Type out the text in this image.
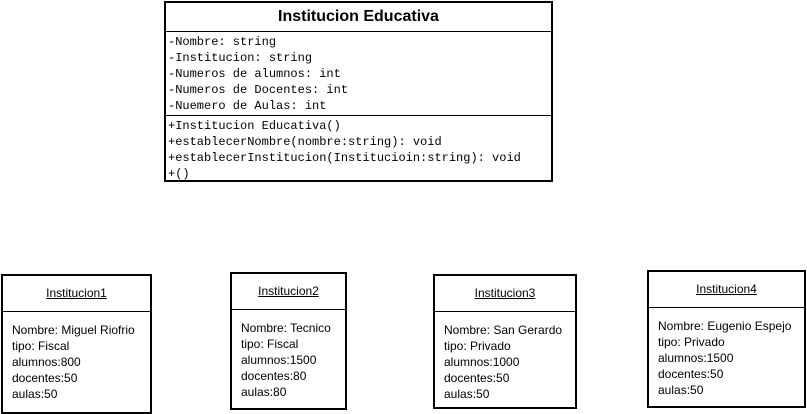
Institucion Educativa
-Nombre: string
-Institucion: string
-Numeros de alumnos: int
-Numeros de Docentes: int
-Nuemero de Aulas: int
+Institucion Educativa()
+establecerNombre(nombre:string): void
+establecerInstitucion(Institucioin:string): void
+()
Institucion1
Nombre: Miguel Riofrio
tipo: Fiscal
alumnos:800
docentes:50
aulas:50
Institucion2
Nombre: Tecnico
tipo: Fiscal
alumnos:1500
docentes:80
aulas:80
Institucion3
Nombre: San Gerardo
tipo: Privado
alumnos:1000
docentes:50
aulas:50
Institucion4
Nombre: Eugenio Espejo
tipo: Privado
alumnos:1500
docentes:50
aulas:50
